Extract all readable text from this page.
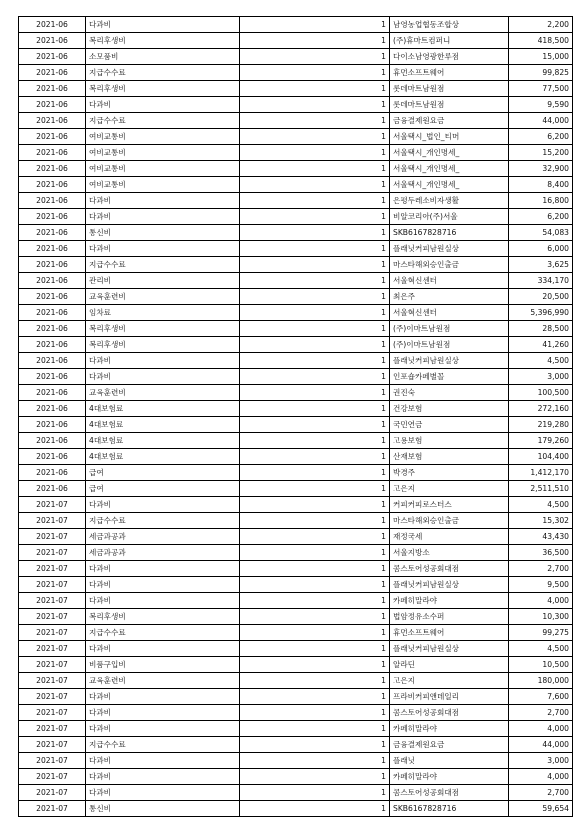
2021-06	다과비	1	남영농업협동조합상	2,200
2021-06	복리후생비	1	(주)휴마트컴퍼니	418,500
2021-06	소모품비	1	다이소남영광한루점	15,000
2021-06	지급수수료	1	휴먼소프트웨어	99,825
2021-06	복리후생비	1	롯데마트남원점	77,500
2021-06	다과비	1	롯데마트남원점	9,590
2021-06	지급수수료	1	금융결제원요금	44,000
2021-06	여비교통비	1	서울택시_법인_티머	6,200
2021-06	여비교통비	1	서울택시_개인명세_	15,200
2021-06	여비교통비	1	서울택시_개인명세_	32,900
2021-06	여비교통비	1	서울택시_개인명세_	8,400
2021-06	다과비	1	은평두레소비자생활	16,800
2021-06	다과비	1	비알코리아(주)서울	6,200
2021-06	통신비	1	SKB6167828716	54,083
2021-06	다과비	1	플래닛커피남원실상	6,000
2021-06	지급수수료	1	마스타해외승인출금	3,625
2021-06	관리비	1	서울혁신센터	334,170
2021-06	교육훈련비	1	최은주	20,500
2021-06	임차료	1	서울혁신센터	5,396,990
2021-06	복리후생비	1	(주)이마트남원점	28,500
2021-06	복리후생비	1	(주)이마트남원점	41,260
2021-06	다과비	1	플래닛커피남원실상	4,500
2021-06	다과비	1	인포숍카페별꼴	3,000
2021-06	교육훈련비	1	권진숙	100,500
2021-06	4대보험료	1	건강보험	272,160
2021-06	4대보험료	1	국민연금	219,280
2021-06	4대보험료	1	고용보험	179,260
2021-06	4대보험료	1	산재보험	104,400
2021-06	급여	1	박경주	1,412,170
2021-06	급여	1	고은지	2,511,510
2021-07	다과비	1	커피커피로스터스	4,500
2021-07	지급수수료	1	마스타해외승인출금	15,302
2021-07	세금과공과	1	재정국세	43,430
2021-07	세금과공과	1	서울지방소	36,500
2021-07	다과비	1	콤스토어성공회대점	2,700
2021-07	다과비	1	플래닛커피남원실상	9,500
2021-07	다과비	1	카페히말라야	4,000
2021-07	복리후생비	1	법암정유소수퍼	10,300
2021-07	지급수수료	1	휴먼소프트웨어	99,275
2021-07	다과비	1	플래닛커피남원실상	4,500
2021-07	비품구입비	1	알라딘	10,500
2021-07	교육훈련비	1	고은지	180,000
2021-07	다과비	1	프라비커피앤데일리	7,600
2021-07	다과비	1	콤스토어성공회대점	2,700
2021-07	다과비	1	카페히말라야	4,000
2021-07	지급수수료	1	금융결제원요금	44,000
2021-07	다과비	1	플래닛	3,000
2021-07	다과비	1	카페히말라야	4,000
2021-07	다과비	1	콤스토어성공회대점	2,700
2021-07	통신비	1	SKB6167828716	59,654
